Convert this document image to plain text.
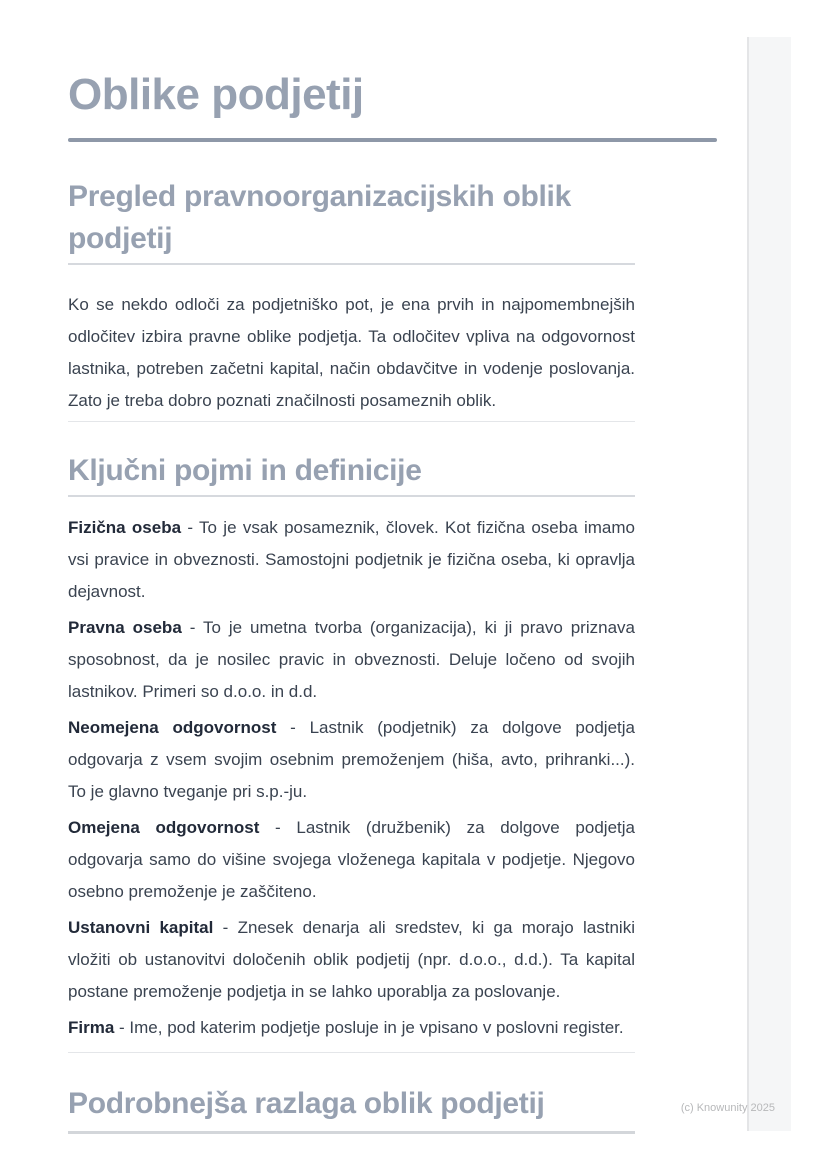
Oblike podjetij
Pregled pravnoorganizacijskih oblik podjetij

Ko se nekdo odloči za podjetniško pot, je ena prvih in najpomembnejših odločitev izbira pravne oblike podjetja. Ta odločitev vpliva na odgovornost lastnika, potreben začetni kapital, način obdavčitve in vodenje poslovanja. Zato je treba dobro poznati značilnosti posameznih oblik.

Ključni pojmi in definicije

Fizična oseba - To je vsak posameznik, človek. Kot fizična oseba imamo vsi pravice in obveznosti. Samostojni podjetnik je fizična oseba, ki opravlja dejavnost.

Pravna oseba - To je umetna tvorba (organizacija), ki ji pravo priznava sposobnost, da je nosilec pravic in obveznosti. Deluje ločeno od svojih lastnikov. Primeri so d.o.o. in d.d.

Neomejena odgovornost - Lastnik (podjetnik) za dolgove podjetja odgovarja z vsem svojim osebnim premoženjem (hiša, avto, prihranki...). To je glavno tveganje pri s.p.-ju.

Omejena odgovornost - Lastnik (družbenik) za dolgove podjetja odgovarja samo do višine svojega vloženega kapitala v podjetje. Njegovo osebno premoženje je zaščiteno.

Ustanovni kapital - Znesek denarja ali sredstev, ki ga morajo lastniki vložiti ob ustanovitvi določenih oblik podjetij (npr. d.o.o., d.d.). Ta kapital postane premoženje podjetja in se lahko uporablja za poslovanje.

Firma - Ime, pod katerim podjetje posluje in je vpisano v poslovni register.

Podrobnejša razlaga oblik podjetij	(c) Knowunity 2025
